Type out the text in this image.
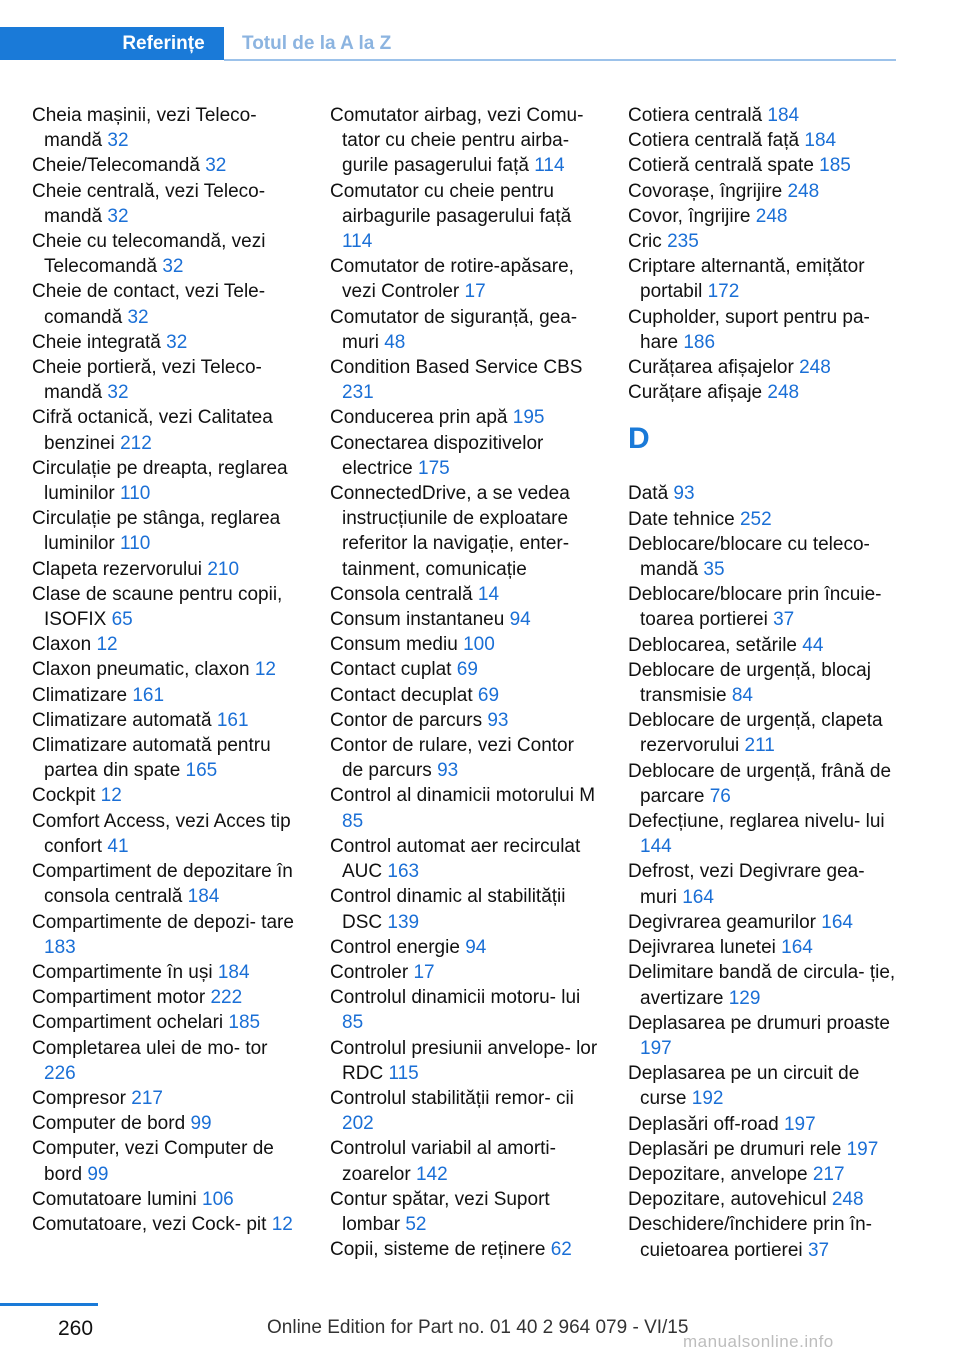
Referințe	Totul de la A la Z
Cheia mașinii, vezi Teleco‐ mandă 32
Cheie/Telecomandă 32
Cheie centrală, vezi Teleco‐ mandă 32
Cheie cu telecomandă, vezi Telecomandă 32
Cheie de contact, vezi Tele‐ comandă 32
Cheie integrată 32
Cheie portieră, vezi Teleco‐ mandă 32
Cifră octanică, vezi Calitatea benzinei 212
Circulație pe dreapta, reglarea luminilor 110
Circulație pe stânga, reglarea luminilor 110
Clapeta rezervorului 210
Clase de scaune pentru copii, ISOFIX 65
Claxon 12
Claxon pneumatic, claxon 12
Climatizare 161
Climatizare automată 161
Climatizare automată pentru partea din spate 165
Cockpit 12
Comfort Access, vezi Acces tip confort 41
Compartiment de depozitare în consola centrală 184
Compartimente de depozi‐ tare 183
Compartimente în uși 184
Compartiment motor 222
Compartiment ochelari 185
Completarea ulei de mo‐ tor 226
Compresor 217
Computer de bord 99
Computer, vezi Computer de bord 99
Comutatoare lumini 106
Comutatoare, vezi Cock‐ pit 12
Comutator airbag, vezi Comu‐ tator cu cheie pentru airba‐ gurile pasagerului față 114
Comutator cu cheie pentru airbagurile pasagerului față 114
Comutator de rotire-apăsare, vezi Controler 17
Comutator de siguranță, gea‐ muri 48
Condition Based Service CBS 231
Conducerea prin apă 195
Conectarea dispozitivelor electrice 175
ConnectedDrive, a se vedea instrucțiunile de exploatare referitor la navigație, enter‐ tainment, comunicație
Consola centrală 14
Consum instantaneu 94
Consum mediu 100
Contact cuplat 69
Contact decuplat 69
Contor de parcurs 93
Contor de rulare, vezi Contor de parcurs 93
Control al dinamicii motorului M 85
Control automat aer recirculat AUC 163
Control dinamic al stabilității DSC 139
Control energie 94
Controler 17
Controlul dinamicii motoru‐ lui 85
Controlul presiunii anvelope‐ lor RDC 115
Controlul stabilității remor‐ cii 202
Controlul variabil al amorti‐ zoarelor 142
Contur spătar, vezi Suport lombar 52
Copii, sisteme de reținere 62
Cotiera centrală 184
Cotiera centrală față 184
Cotieră centrală spate 185
Covorașe, îngrijire 248
Covor, îngrijire 248
Cric 235
Criptare alternantă, emițător portabil 172
Cupholder, suport pentru pa‐ hare 186
Curățarea afișajelor 248
Curățare afișaje 248
D
Dată 93
Date tehnice 252
Deblocare/blocare cu teleco‐ mandă 35
Deblocare/blocare prin încuie‐ toarea portierei 37
Deblocarea, setările 44
Deblocare de urgență, blocaj transmisie 84
Deblocare de urgență, clapeta rezervorului 211
Deblocare de urgență, frână de parcare 76
Defecțiune, reglarea nivelu‐ lui 144
Defrost, vezi Degivrare gea‐ muri 164
Degivrarea geamurilor 164
Dejivrarea lunetei 164
Delimitare bandă de circula‐ ție, avertizare 129
Deplasarea pe drumuri proaste 197
Deplasarea pe un circuit de curse 192
Deplasări off-road 197
Deplasări pe drumuri rele 197
Depozitare, anvelope 217
Depozitare, autovehicul 248
Deschidere/închidere prin în‐ cuietoarea portierei 37
260	Online Edition for Part no. 01 40 2 964 079 - VI/15
manualsonline.info
